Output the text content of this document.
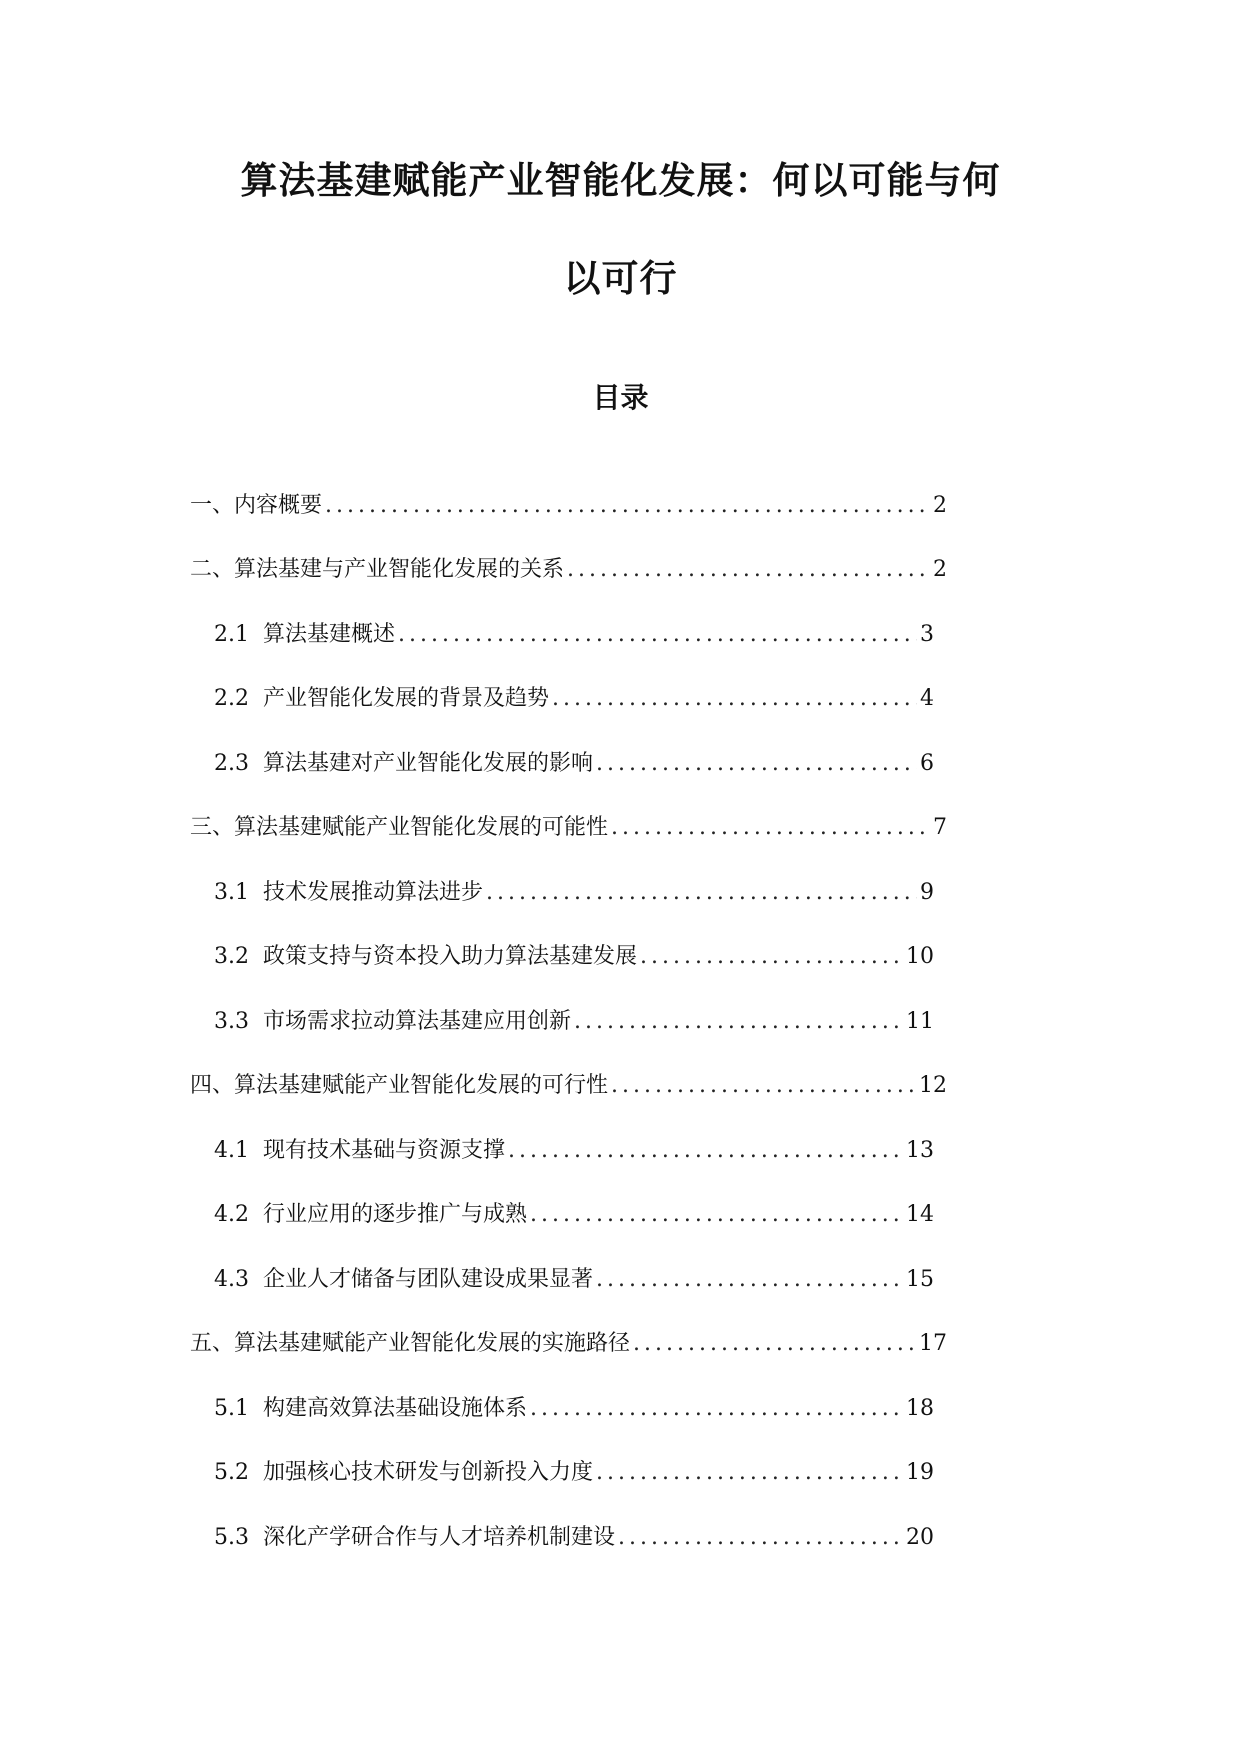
算法基建赋能产业智能化发展：何以可能与何
以可行
目录
一、内容概要 .....	2
二、算法基建与产业智能化发展的关系 .....	2
2.1 算法基建概述 .....	3
2.2 产业智能化发展的背景及趋势 .....	4
2.3 算法基建对产业智能化发展的影响 .....	6
三、算法基建赋能产业智能化发展的可能性 .....	7
3.1 技术发展推动算法进步 .....	9
3.2 政策支持与资本投入助力算法基建发展 .....	10
3.3 市场需求拉动算法基建应用创新 .....	11
四、算法基建赋能产业智能化发展的可行性 .....	12
4.1 现有技术基础与资源支撑 .....	13
4.2 行业应用的逐步推广与成熟 .....	14
4.3 企业人才储备与团队建设成果显著 .....	15
五、算法基建赋能产业智能化发展的实施路径 .....	17
5.1 构建高效算法基础设施体系 .....	18
5.2 加强核心技术研发与创新投入力度 .....	19
5.3 深化产学研合作与人才培养机制建设 .....	20
